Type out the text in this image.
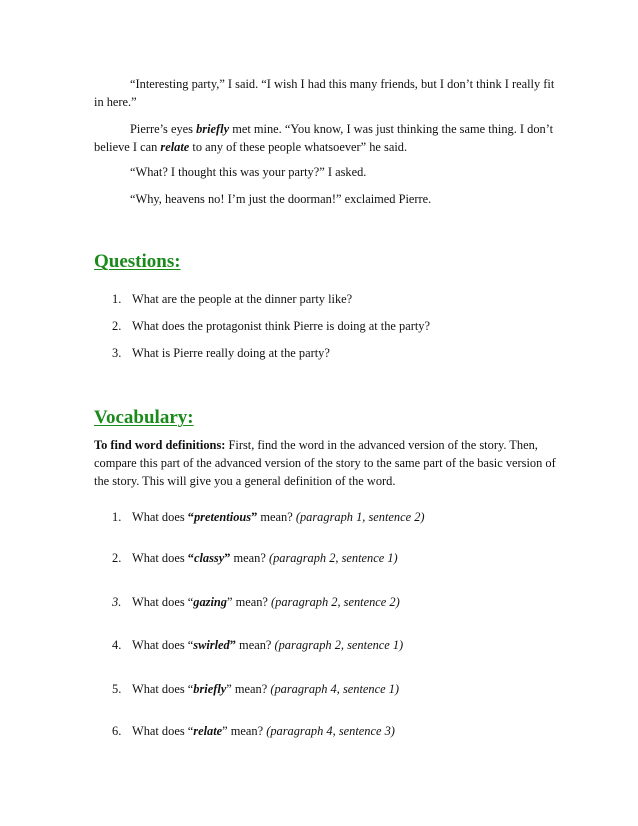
“Interesting party,” I said. “I wish I had this many friends, but I don’t think I really fit in here.”

Pierre’s eyes briefly met mine. “You know, I was just thinking the same thing. I don’t believe I can relate to any of these people whatsoever” he said.

“What? I thought this was your party?” I asked.

“Why, heavens no! I’m just the doorman!” exclaimed Pierre.

Questions:
1. What are the people at the dinner party like?
2. What does the protagonist think Pierre is doing at the party?
3. What is Pierre really doing at the party?
Vocabulary:
To find word definitions: First, find the word in the advanced version of the story. Then, compare this part of the advanced version of the story to the same part of the basic version of the story. This will give you a general definition of the word.
1. What does “pretentious” mean? (paragraph 1, sentence 2)
2. What does “classy” mean? (paragraph 2, sentence 1)
3. What does “gazing” mean? (paragraph 2, sentence 2)
4. What does “swirled” mean? (paragraph 2, sentence 1)
5. What does “briefly” mean? (paragraph 4, sentence 1)
6. What does “relate” mean? (paragraph 4, sentence 3)
